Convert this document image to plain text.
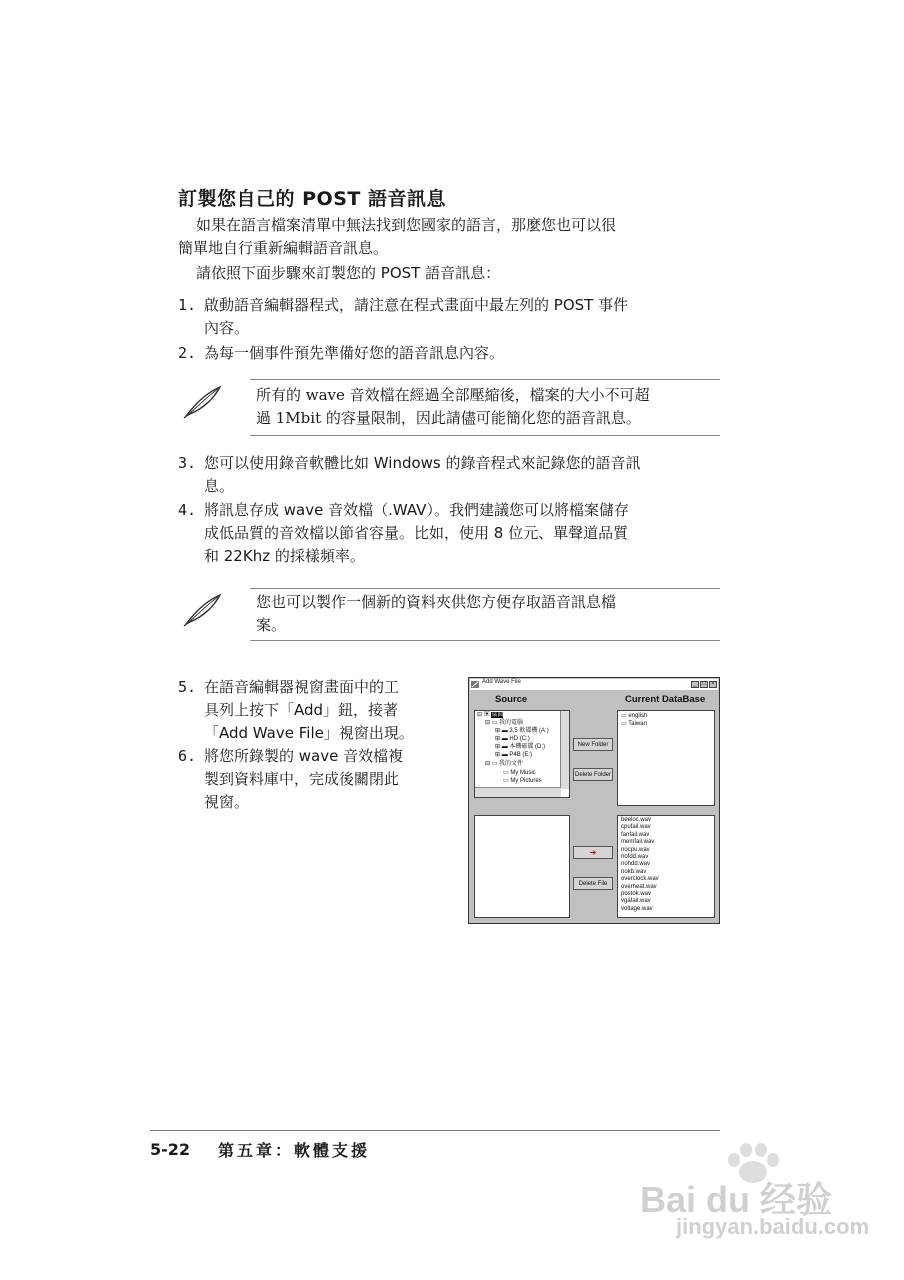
訂製您自己的 POST 語音訊息
如果在語言檔案清單中無法找到您國家的語言，那麼您也可以很
簡單地自行重新編輯語音訊息。
請依照下面步驟來訂製您的 POST 語音訊息：
1. 啟動語音編輯器程式，請注意在程式畫面中最左列的 POST 事件
內容。
2. 為每一個事件預先準備好您的語音訊息內容。
所有的 wave 音效檔在經過全部壓縮後，檔案的大小不可超
過 1Mbit 的容量限制，因此請儘可能簡化您的語音訊息。
3. 您可以使用錄音軟體比如 Windows 的錄音程式來記錄您的語音訊
息。
4. 將訊息存成 wave 音效檔（.WAV）。我們建議您可以將檔案儲存
成低品質的音效檔以節省容量。比如，使用 8 位元、單聲道品質
和 22Khz 的採樣頻率。
您也可以製作一個新的資料夾供您方便存取語音訊息檔
案。
5. 在語音編輯器視窗畫面中的工
具列上按下「Add」鈕，接著
「Add Wave File」視窗出現。
6. 將您所錄製的 wave 音效檔複
製到資料庫中，完成後關閉此
視窗。
Add Wave File	_ □ ×
Source	Current DataBase
⊟ ▣ 桌面
⊟ ▭ 我的電腦
⊞ ▬ 3.5 軟碟機 (A:)
⊞ ▬ HD (C:)
⊞ ▬ 本機磁碟 (D:)
⊞ ▬ P4B (E:)
⊟ ▭ 我的文件
▭ My Music
▭ My Pictures
New Folder
Delete Folder
➜
Delete File
▭ english
▭ Taiwan
beeloc.wav
cpufail.wav
fanfail.wav
memfail.wav
nocpu.wav
nofdd.wav
nohdd.wav
nokb.wav
overclock.wav
overheat.wav
postok.wav
vgafail.wav
voltage.wav
5-22 第五章：軟體支援
Bai du 经验
jingyan.baidu.com
